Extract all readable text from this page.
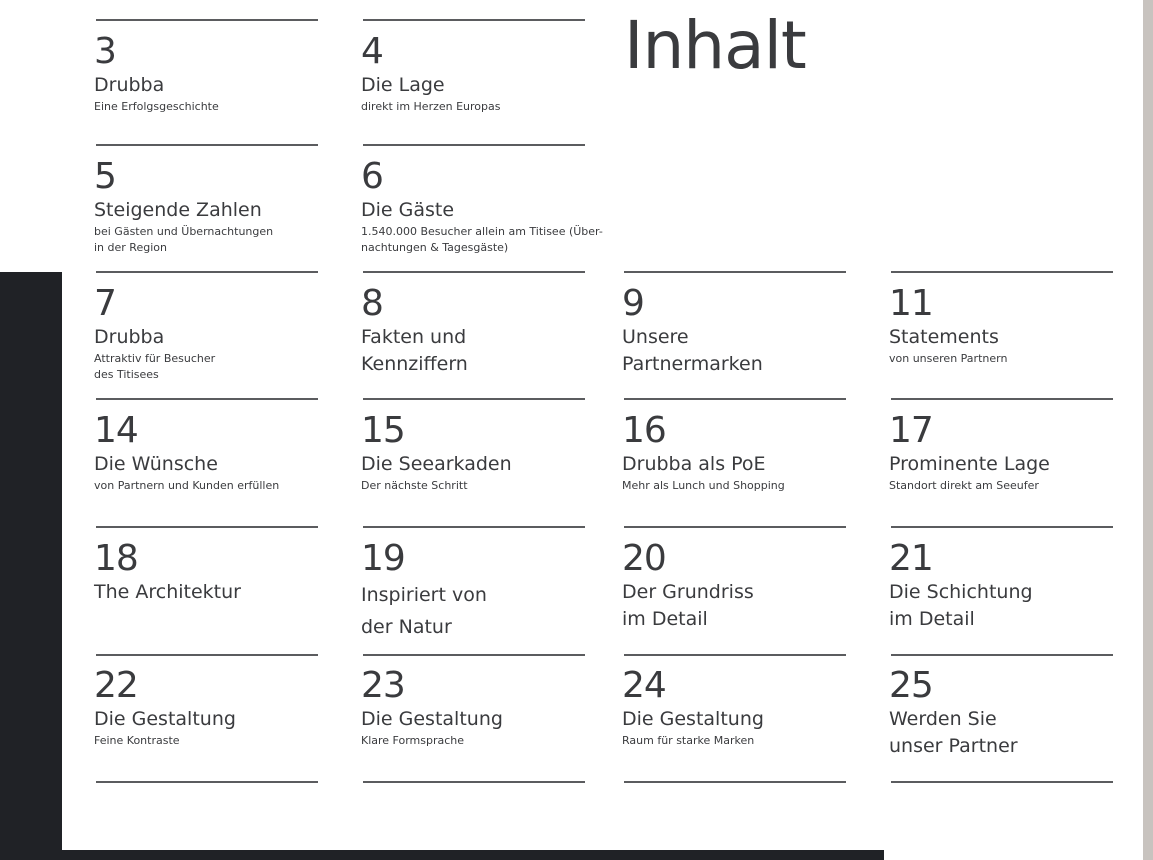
Inhalt
3
Drubba
Eine Erfolgsgeschichte
4
Die Lage
direkt im Herzen Europas
5
Steigende Zahlen
bei Gästen und Übernachtungen
in der Region
6
Die Gäste
1.540.000 Besucher allein am Titisee (Über-
nachtungen & Tagesgäste)
7
Drubba
Attraktiv für Besucher
des Titisees
8
Fakten und
Kennziffern
9
Unsere
Partnermarken
11
Statements
von unseren Partnern
14
Die Wünsche
von Partnern und Kunden erfüllen
15
Die Seearkaden
Der nächste Schritt
16
Drubba als PoE
Mehr als Lunch und Shopping
17
Prominente Lage
Standort direkt am Seeufer
18
The Architektur
19
Inspiriert von
der Natur
20
Der Grundriss
im Detail
21
Die Schichtung
im Detail
22
Die Gestaltung
Feine Kontraste
23
Die Gestaltung
Klare Formsprache
24
Die Gestaltung
Raum für starke Marken
25
Werden Sie
unser Partner
